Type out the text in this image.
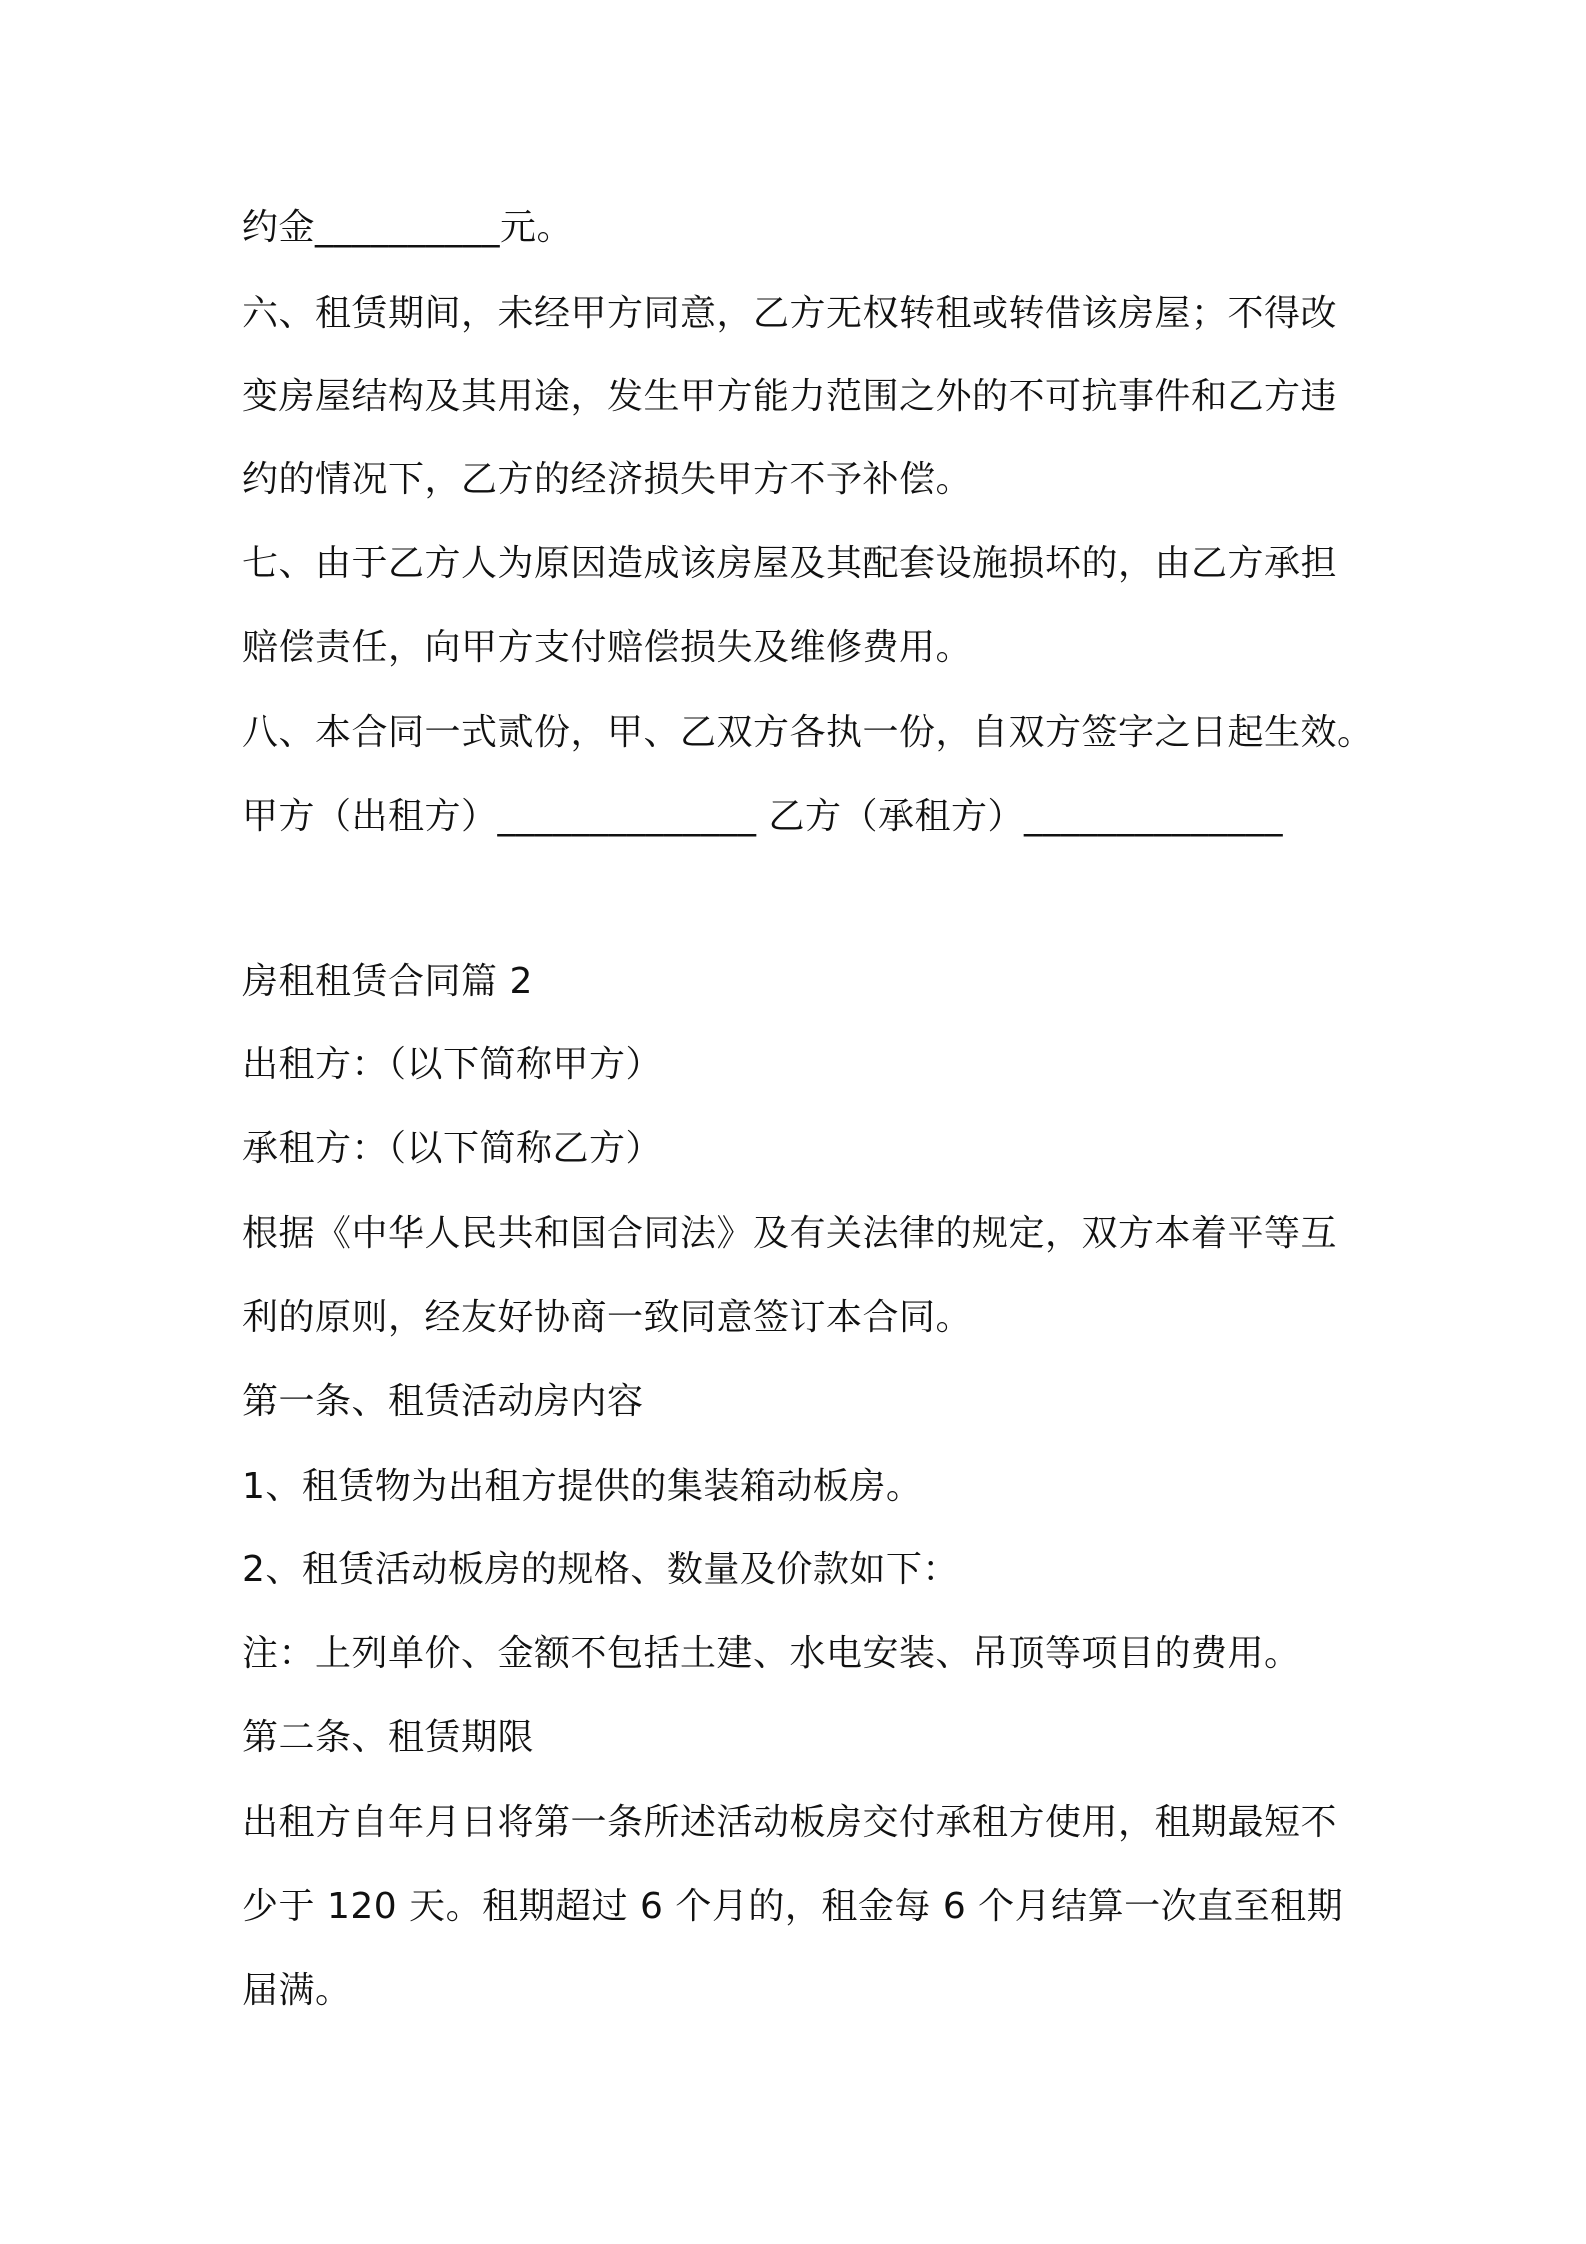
约金__________元。
六、租赁期间，未经甲方同意，乙方无权转租或转借该房屋；不得改
变房屋结构及其用途，发生甲方能力范围之外的不可抗事件和乙方违
约的情况下，乙方的经济损失甲方不予补偿。
七、由于乙方人为原因造成该房屋及其配套设施损坏的，由乙方承担
赔偿责任，向甲方支付赔偿损失及维修费用。
八、本合同一式贰份，甲、乙双方各执一份，自双方签字之日起生效。
甲方（出租方）______________ 乙方（承租方）______________
房租租赁合同篇 2
出租方：（以下简称甲方）
承租方：（以下简称乙方）
根据《中华人民共和国合同法》及有关法律的规定，双方本着平等互
利的原则，经友好协商一致同意签订本合同。
第一条、租赁活动房内容
1、租赁物为出租方提供的集装箱动板房。
2、租赁活动板房的规格、数量及价款如下：
注：上列单价、金额不包括土建、水电安装、吊顶等项目的费用。
第二条、租赁期限
出租方自年月日将第一条所述活动板房交付承租方使用，租期最短不
少于 120 天。租期超过 6 个月的，租金每 6 个月结算一次直至租期
届满。
